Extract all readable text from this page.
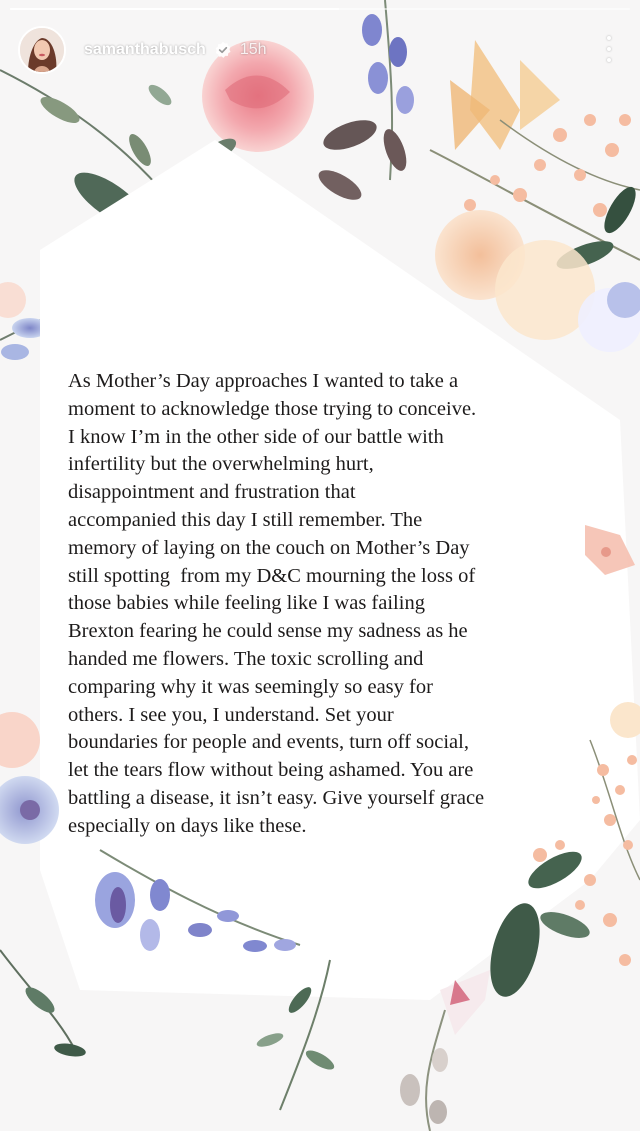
samanthabusch 15h
As Mother’s Day approaches I wanted to take a
moment to acknowledge those trying to conceive.
I know I’m in the other side of our battle with
infertility but the overwhelming hurt,
disappointment and frustration that
accompanied this day I still remember. The
memory of laying on the couch on Mother’s Day
still spotting  from my D&C mourning the loss of
those babies while feeling like I was failing
Brexton fearing he could sense my sadness as he
handed me flowers. The toxic scrolling and
comparing why it was seemingly so easy for
others. I see you, I understand. Set your
boundaries for people and events, turn off social,
let the tears flow without being ashamed. You are
battling a disease, it isn’t easy. Give yourself grace
especially on days like these.
